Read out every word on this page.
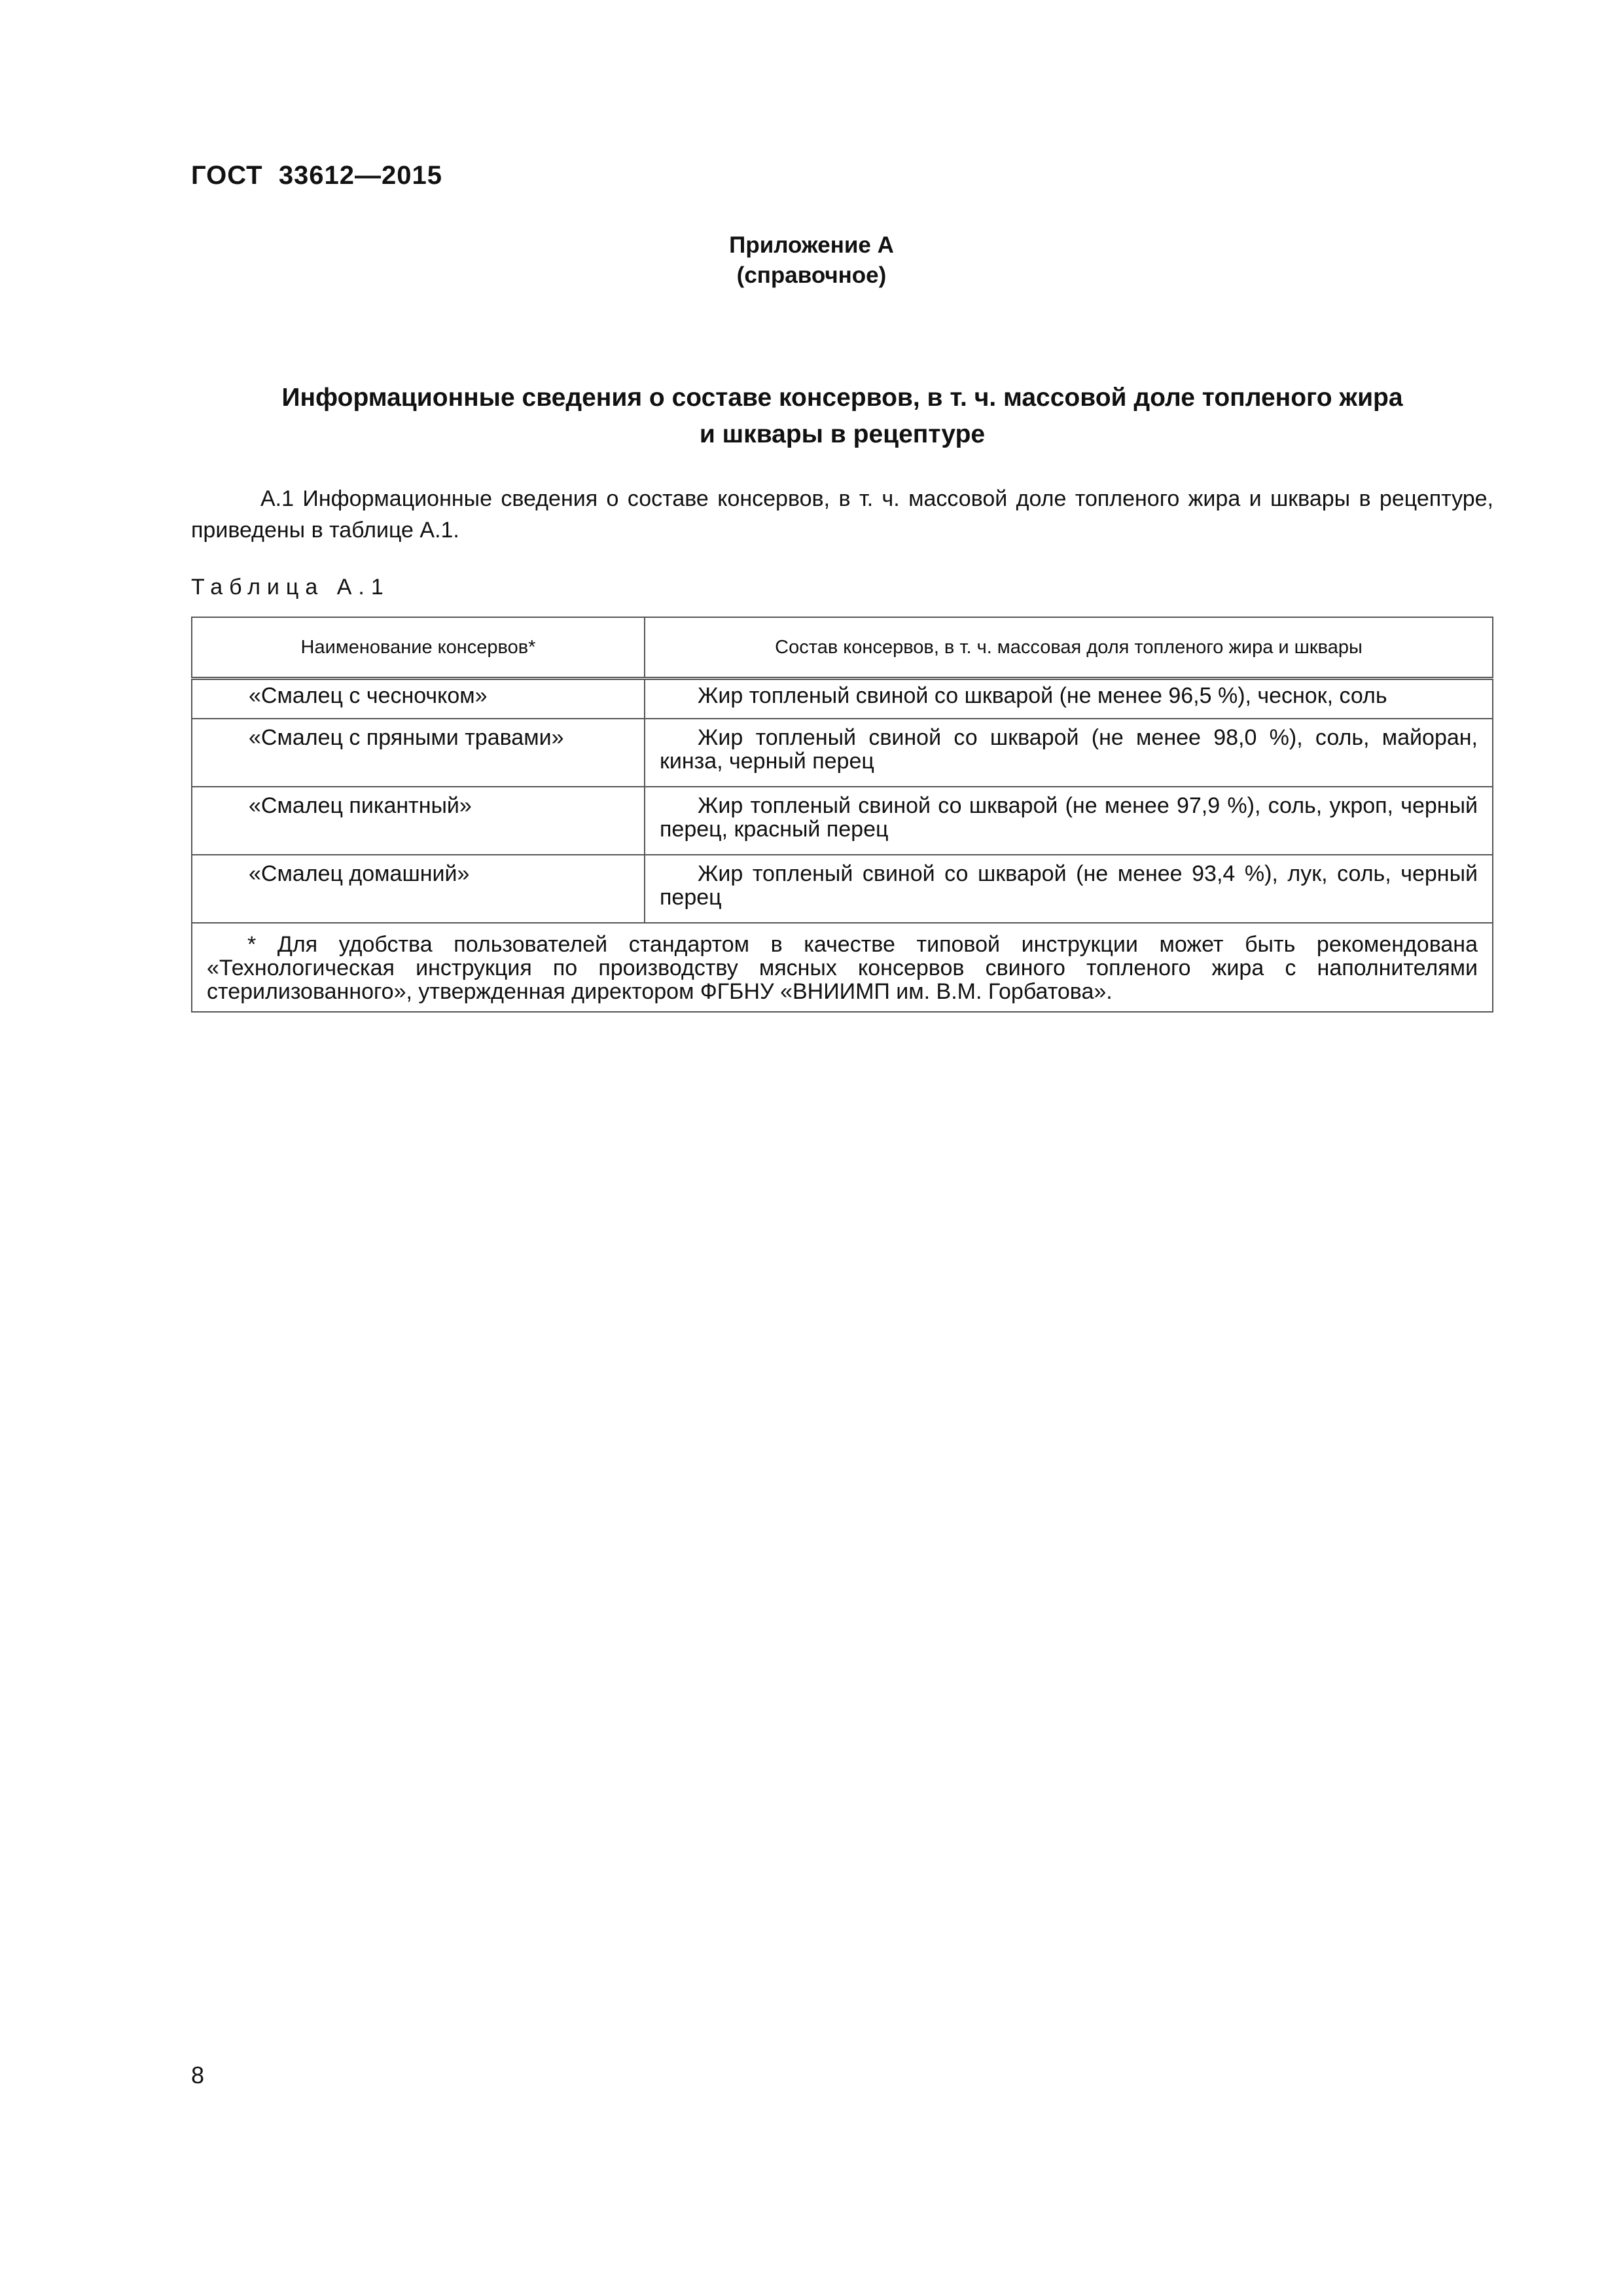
ГОСТ  33612—2015
Приложение А
(справочное)
Информационные сведения о составе консервов, в т. ч. массовой доле топленого жира
и шквары в рецептуре
А.1 Информационные сведения о составе консервов, в т. ч. массовой доле топленого жира и шквары в рецептуре, приведены в таблице А.1.
Таблица А.1
Наименование консервов*	Состав консервов, в т. ч. массовая доля топленого жира и шквары
«Смалец с чесночком»	Жир топленый свиной со шкварой (не менее 96,5 %), чеснок, соль
«Смалец с пряными травами»	Жир топленый свиной со шкварой (не менее 98,0 %), соль, майоран, кинза, черный перец
«Смалец пикантный»	Жир топленый свиной со шкварой (не менее 97,9 %), соль, укроп, черный перец, красный перец
«Смалец домашний»	Жир топленый свиной со шкварой (не менее 93,4 %), лук, соль, черный перец
* Для удобства пользователей стандартом в качестве типовой инструкции может быть рекомендована «Технологическая инструкция по производству мясных консервов свиного топленого жира с наполнителями стерилизованного», утвержденная директором ФГБНУ «ВНИИМП им. В.М. Горбатова».	
8
